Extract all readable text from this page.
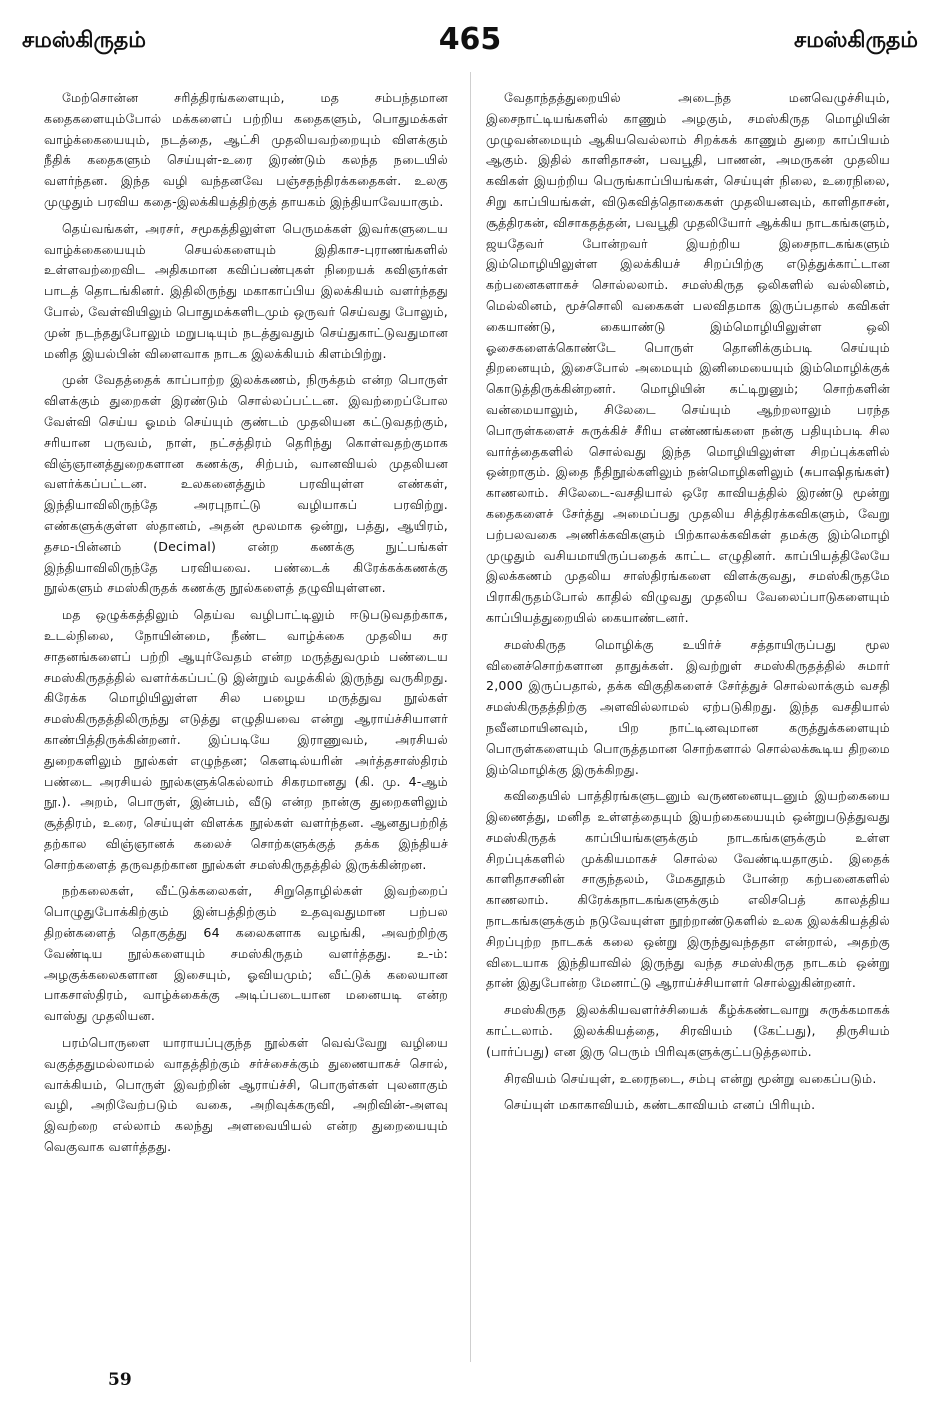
சமஸ்கிருதம்	465	சமஸ்கிருதம்

மேற்சொன்ன சரித்திரங்களையும், மத சம்பந்தமான கதைகளையும்போல் மக்களைப் பற்றிய கதைகளும், பொதுமக்கள் வாழ்க்கையையும், நடத்தை, ஆட்சி முதலியவற்றையும் விளக்கும் நீதிக் கதைகளும் செய்யுள்-உரை இரண்டும் கலந்த நடையில் வளர்ந்தன. இந்த வழி வந்தனவே பஞ்சதந்திரக்கதைகள். உலகு முழுதும் பரவிய கதை-இலக்கியத்திற்குத் தாயகம் இந்தியாவேயாகும்.

தெய்வங்கள், அரசர், சமூகத்திலுள்ள பெருமக்கள் இவர்களுடைய வாழ்க்கையையும் செயல்களையும் இதிகாச-புராணங்களில் உள்ளவற்றைவிட அதிகமான கவிப்பண்புகள் நிறையக் கவிஞர்கள் பாடத் தொடங்கினர். இதிலிருந்து மகாகாப்பிய இலக்கியம் வளர்ந்தது போல், வேள்வியிலும் பொதுமக்களிடமும் ஒருவர் செய்வது போலும், முன் நடந்ததுபோலும் மறுபடியும் நடத்துவதும் செய்துகாட்டுவதுமான மனித இயல்பின் விளைவாக நாடக இலக்கியம் கிளம்பிற்று.

முன் வேதத்தைக் காப்பாற்ற இலக்கணம், நிருக்தம் என்ற பொருள் விளக்கும் துறைகள் இரண்டும் சொல்லப்பட்டன. இவற்றைப்போல வேள்வி செய்ய ஓமம் செய்யும் குண்டம் முதலியன கட்டுவதற்கும், சரியான பருவம், நாள், நட்சத்திரம் தெரிந்து கொள்வதற்குமாக விஞ்ஞானத்துறைகளான கணக்கு, சிற்பம், வானவியல் முதலியன வளர்க்கப்பட்டன. உலகனைத்தும் பரவியுள்ள எண்கள், இந்தியாவிலிருந்தே அரபுநாட்டு வழியாகப் பரவிற்று. எண்களுக்குள்ள ஸ்தானம், அதன் மூலமாக ஒன்று, பத்து, ஆயிரம், தசம-பின்னம் (Decimal) என்ற கணக்கு நுட்பங்கள் இந்தியாவிலிருந்தே பரவியவை. பண்டைக் கிரேக்கக்கணக்கு நூல்களும் சமஸ்கிருதக் கணக்கு நூல்களைத் தழுவியுள்ளன.

மத ஒழுக்கத்திலும் தெய்வ வழிபாட்டிலும் ஈடுபடுவதற்காக, உடல்நிலை, நோயின்மை, நீண்ட வாழ்க்கை முதலிய சுர சாதனங்களைப் பற்றி ஆயுர்வேதம் என்ற மருத்துவமும் பண்டைய சமஸ்கிருதத்தில் வளர்க்கப்பட்டு இன்றும் வழக்கில் இருந்து வருகிறது. கிரேக்க மொழியிலுள்ள சில பழைய மருத்துவ நூல்கள் சமஸ்கிருதத்திலிருந்து எடுத்து எழுதியவை என்று ஆராய்ச்சியாளர் காண்பித்திருக்கின்றனர். இப்படியே இராணுவம், அரசியல் துறைகளிலும் நூல்கள் எழுந்தன; கௌடில்யரின் அர்த்தசாஸ்திரம் பண்டை அரசியல் நூல்களுக்கெல்லாம் சிகரமானது (கி. மு. 4-ஆம் நூ.). அறம், பொருள், இன்பம், வீடு என்ற நான்கு துறைகளிலும் சூத்திரம், உரை, செய்யுள் விளக்க நூல்கள் வளர்ந்தன. ஆனதுபற்றித் தற்கால விஞ்ஞானக் கலைச் சொற்களுக்குத் தக்க இந்தியச் சொற்களைத் தருவதற்கான நூல்கள் சமஸ்கிருதத்தில் இருக்கின்றன.

நற்கலைகள், வீட்டுக்கலைகள், சிறுதொழில்கள் இவற்றைப் பொழுதுபோக்கிற்கும் இன்பத்திற்கும் உதவுவதுமான பற்பல திறன்களைத் தொகுத்து 64 கலைகளாக வழங்கி, அவற்றிற்கு வேண்டிய நூல்களையும் சமஸ்கிருதம் வளர்த்தது. உ-ம்: அழகுக்கலைகளான இசையும், ஓவியமும்; வீட்டுக் கலையான பாகசாஸ்திரம், வாழ்க்கைக்கு அடிப்படையான மனையடி என்ற வாஸ்து முதலியன.

பரம்பொருளை யாராயப்புகுந்த நூல்கள் வெவ்வேறு வழியை வகுத்ததுமல்லாமல் வாதத்திற்கும் சர்ச்சைக்கும் துணையாகச் சொல், வாக்கியம், பொருள் இவற்றின் ஆராய்ச்சி, பொருள்கள் புலனாகும் வழி, அறிவேற்படும் வகை, அறிவுக்கருவி, அறிவின்-அளவு இவற்றை எல்லாம் கலந்து அளவையியல் என்ற துறையையும் வெகுவாக வளர்த்தது.

வேதாந்தத்துறையில் அடைந்த மனவெழுச்சியும், இசைநாட்டியங்களில் காணும் அழகும், சமஸ்கிருத மொழியின் முழுவன்மையும் ஆகியவெல்லாம் சிறக்கக் காணும் துறை காப்பியம் ஆகும். இதில் காளிதாசன், பவபூதி, பாணன், அமருகன் முதலிய கவிகள் இயற்றிய பெருங்காப்பியங்கள், செய்யுள் நிலை, உரைநிலை, சிறு காப்பியங்கள், விடுகவித்தொகைகள் முதலியனவும், காளிதாசன், சூத்திரகன், விசாகதத்தன், பவபூதி முதலியோர் ஆக்கிய நாடகங்களும், ஜயதேவர் போன்றவர் இயற்றிய இசைநாடகங்களும் இம்மொழியிலுள்ள இலக்கியச் சிறப்பிற்கு எடுத்துக்காட்டான கற்பனைகளாகச் சொல்லலாம். சமஸ்கிருத ஒலிகளில் வல்லினம், மெல்லினம், மூச்சொலி வகைகள் பலவிதமாக இருப்பதால் கவிகள் கையாண்டு, கையாண்டு இம்மொழியிலுள்ள ஒலி ஓசைகளைக்கொண்டே பொருள் தொனிக்கும்படி செய்யும் திறனையும், இசைபோல் அமையும் இனிமையையும் இம்மொழிக்குக் கொடுத்திருக்கின்றனர். மொழியின் கட்டிறுனும்; சொற்களின் வன்மையாலும், சிலேடை செய்யும் ஆற்றலாலும் பரந்த பொருள்களைச் சுருக்கிச் சீரிய எண்ணங்களை நன்கு பதியும்படி சில வார்த்தைகளில் சொல்வது இந்த மொழியிலுள்ள சிறப்புக்களில் ஒன்றாகும். இதை நீதிநூல்களிலும் நன்மொழிகளிலும் (சுபாஷிதங்கள்) காணலாம். சிலேடை-வசதியால் ஒரே காவியத்தில் இரண்டு மூன்று கதைகளைச் சேர்த்து அமைப்பது முதலிய சித்திரக்கவிகளும், வேறு பற்பலவகை அணிக்கவிகளும் பிற்காலக்கவிகள் தமக்கு இம்மொழி முழுதும் வசியமாயிருப்பதைக் காட்ட எழுதினர். காப்பியத்திலேயே இலக்கணம் முதலிய சாஸ்திரங்களை விளக்குவது, சமஸ்கிருதமே பிராகிருதம்போல் காதில் விழுவது முதலிய வேலைப்பாடுகளையும் காப்பியத்துறையில் கையாண்டனர்.

சமஸ்கிருத மொழிக்கு உயிர்ச் சத்தாயிருப்பது மூல வினைச்சொற்களான தாதுக்கள். இவற்றுள் சமஸ்கிருதத்தில் சுமார் 2,000 இருப்பதால், தக்க விகுதிகளைச் சேர்த்துச் சொல்லாக்கும் வசதி சமஸ்கிருதத்திற்கு அளவில்லாமல் ஏற்படுகிறது. இந்த வசதியால் நவீனமாயினவும், பிற நாட்டினவுமான கருத்துக்களையும் பொருள்களையும் பொருத்தமான சொற்களால் சொல்லக்கூடிய திறமை இம்மொழிக்கு இருக்கிறது.

கவிதையில் பாத்திரங்களுடனும் வருணனையுடனும் இயற்கையை இணைத்து, மனித உள்ளத்தையும் இயற்கையையும் ஒன்றுபடுத்துவது சமஸ்கிருதக் காப்பியங்களுக்கும் நாடகங்களுக்கும் உள்ள சிறப்புக்களில் முக்கியமாகச் சொல்ல வேண்டியதாகும். இதைக் காளிதாசனின் சாகுந்தலம், மேகதூதம் போன்ற கற்பனைகளில் காணலாம். கிரேக்கநாடகங்களுக்கும் எலிசபெத் காலத்திய நாடகங்களுக்கும் நடுவேயுள்ள நூற்றாண்டுகளில் உலக இலக்கியத்தில் சிறப்புற்ற நாடகக் கலை ஒன்று இருந்துவந்ததா என்றால், அதற்கு விடையாக இந்தியாவில் இருந்து வந்த சமஸ்கிருத நாடகம் ஒன்று தான் இதுபோன்ற மேனாட்டு ஆராய்ச்சியாளர் சொல்லுகின்றனர்.

சமஸ்கிருத இலக்கியவளர்ச்சியைக் கீழ்க்கண்டவாறு சுருக்கமாகக் காட்டலாம். இலக்கியத்தை, சிரவியம் (கேட்பது), திருசியம் (பார்ப்பது) என இரு பெரும் பிரிவுகளுக்குட்படுத்தலாம்.

சிரவியம் செய்யுள், உரைநடை, சம்பு என்று மூன்று வகைப்படும்.

செய்யுள் மகாகாவியம், கண்டகாவியம் எனப் பிரியும்.

59
